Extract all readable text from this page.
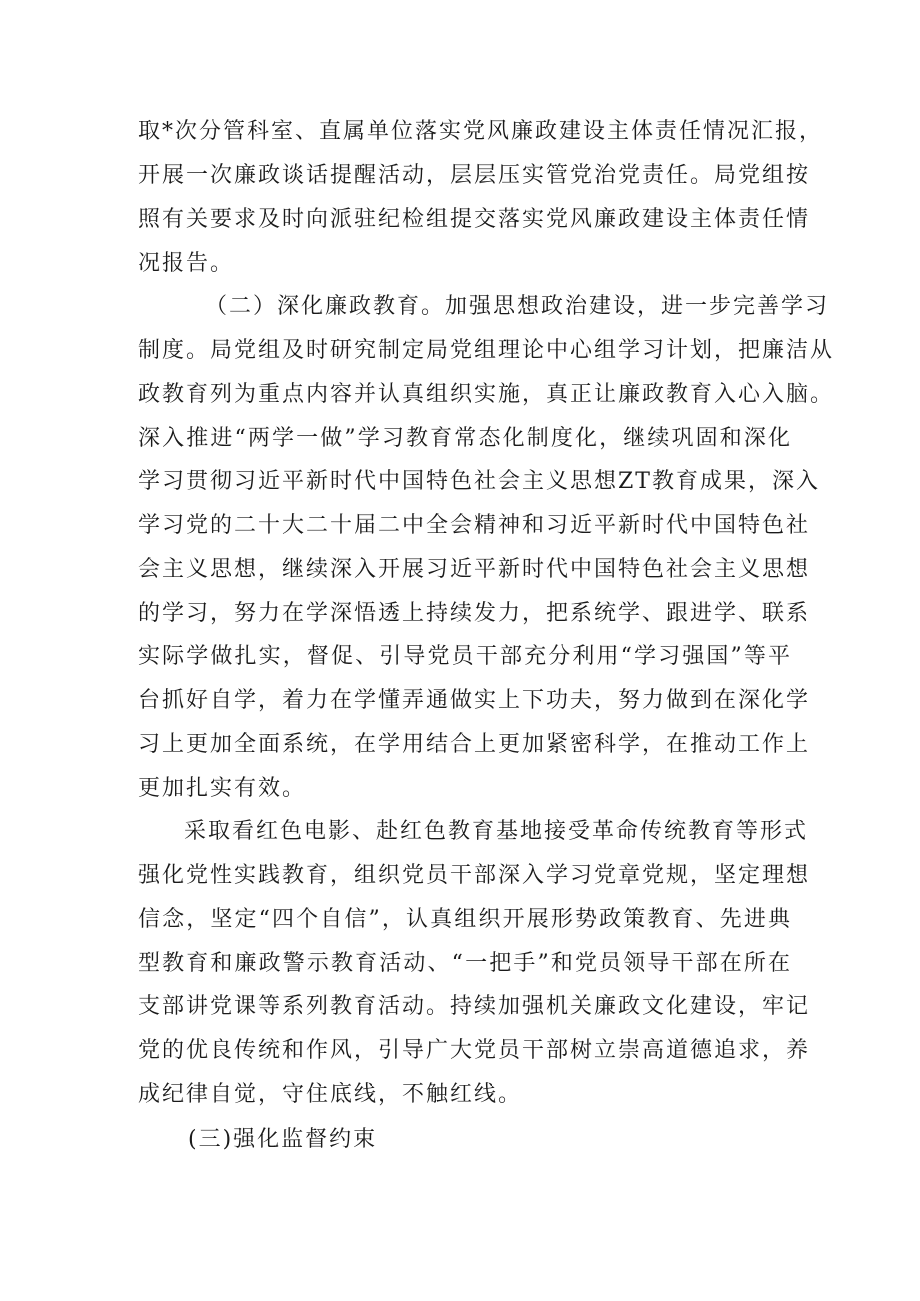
取*次分管科室、直属单位落实党风廉政建设主体责任情况汇报，
开展一次廉政谈话提醒活动，层层压实管党治党责任。局党组按
照有关要求及时向派驻纪检组提交落实党风廉政建设主体责任情
况报告。
（二）深化廉政教育。加强思想政治建设，进一步完善学习
制度。局党组及时研究制定局党组理论中心组学习计划，把廉洁从
政教育列为重点内容并认真组织实施，真正让廉政教育入心入脑。
深入推进“两学一做”学习教育常态化制度化，继续巩固和深化
学习贯彻习近平新时代中国特色社会主义思想ZT教育成果，深入
学习党的二十大二十届二中全会精神和习近平新时代中国特色社
会主义思想，继续深入开展习近平新时代中国特色社会主义思想
的学习，努力在学深悟透上持续发力，把系统学、跟进学、联系
实际学做扎实，督促、引导党员干部充分利用“学习强国”等平
台抓好自学，着力在学懂弄通做实上下功夫，努力做到在深化学
习上更加全面系统，在学用结合上更加紧密科学，在推动工作上
更加扎实有效。
采取看红色电影、赴红色教育基地接受革命传统教育等形式
强化党性实践教育，组织党员干部深入学习党章党规，坚定理想
信念，坚定“四个自信”，认真组织开展形势政策教育、先进典
型教育和廉政警示教育活动、“一把手”和党员领导干部在所在
支部讲党课等系列教育活动。持续加强机关廉政文化建设，牢记
党的优良传统和作风，引导广大党员干部树立崇高道德追求，养
成纪律自觉，守住底线，不触红线。
(三)强化监督约束
